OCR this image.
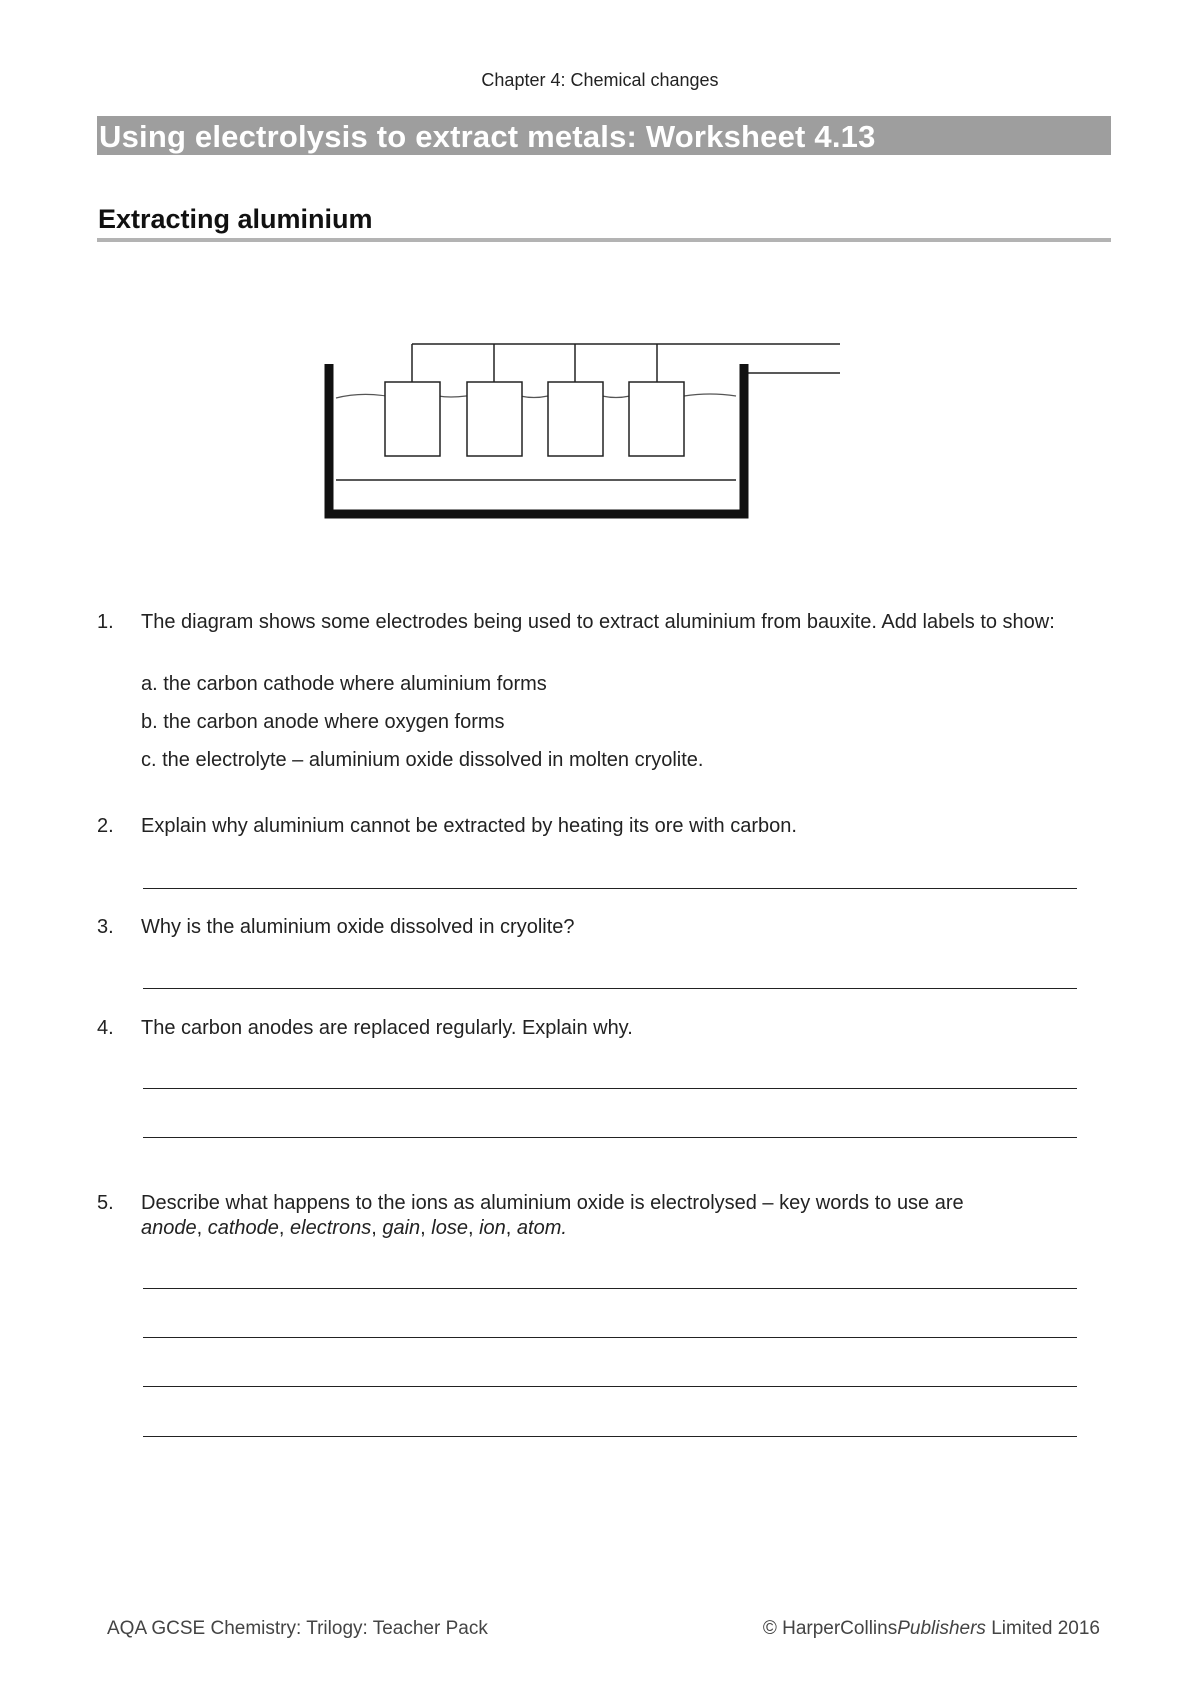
Chapter 4: Chemical changes
Using electrolysis to extract metals: Worksheet 4.13
Extracting aluminium
1.	The diagram shows some electrodes being used to extract aluminium from bauxite. Add labels to show:
a. the carbon cathode where aluminium forms
b. the carbon anode where oxygen forms
c. the electrolyte – aluminium oxide dissolved in molten cryolite.
2.	Explain why aluminium cannot be extracted by heating its ore with carbon.
3.	Why is the aluminium oxide dissolved in cryolite?
4.	The carbon anodes are replaced regularly. Explain why.
5.	Describe what happens to the ions as aluminium oxide is electrolysed – key words to use are
anode, cathode, electrons, gain, lose, ion, atom.
AQA GCSE Chemistry: Trilogy: Teacher Pack	© HarperCollinsPublishers Limited 2016
